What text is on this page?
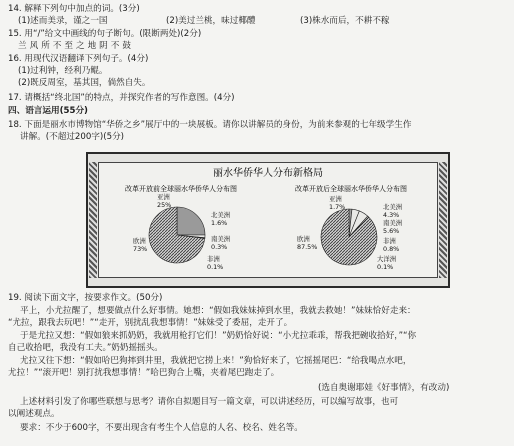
14. 解释下列句中加点的词。(3分)
(1)述而美录，谨之一国	(2)美过兰桃，味过椰醴	(3)株水而后，不耕不稼
15. 用“/”给文中画线的句子断句。(限断两处)(2分)
兰风所不至之地阴不鼓
16. 用现代汉语翻译下列句子。(4分)
(1)过利钟，经利乃鲲。
(2)既反周室，基其国，倘然自失。
17. 请概括“终北国”的特点，并探究作者的写作意图。(4分)
四、语言运用(55分)
18. 下面是丽水市博物馆“华侨之乡”展厅中的一块展板。请你以讲解员的身份，为前来参观的七年级学生作
讲解。(不超过200字)(5分)
丽水华侨华人分布新格局
改革开放前全球丽水华侨华人分布图	改革开放后全球丽水华侨华人分布图
亚洲
25%
北美洲
1.6%
南美洲
0.3%
非洲
0.1%
欧洲
73%
亚洲
1.7%	北美洲
4.3%
南美洲
5.6%
非洲
0.8%
大洋洲
0.1%
欧洲
87.5%
19. 阅读下面文字，按要求作文。(50分)
平上，小尤拉醒了，想要做点什么好事情。她想：“假如我妹妹掉到水里，我就去救她！”妹妹恰好走来：
“尤拉，跟我去玩吧！”“走开，别扰乱我想事情！”妹妹受了委屈，走开了。
于是尤拉又想：“假如狼来抓奶奶，我就用枪打它们！”奶奶恰好说：“小尤拉乖乖，帮我把碗收拾好，”“你
自己收拾吧，我没有工夫。”奶奶摇摇头。
尤拉又往下想：“假如哈巴狗摔到井里，我就把它捞上来！”狗恰好来了，它摇摇尾巴：“给我喝点水吧，
尤拉！”“滚开吧！别打扰我想事情！”哈巴狗合上嘴，夹着尾巴跑走了。
(选自奥谢耶娃《好事情》，有改动)
上述材料引发了你哪些联想与思考？请你自拟题目写一篇文章，可以讲述经历，可以编写故事，也可
以阐述观点。
要求：不少于600字，不要出现含有考生个人信息的人名、校名、姓名等。
